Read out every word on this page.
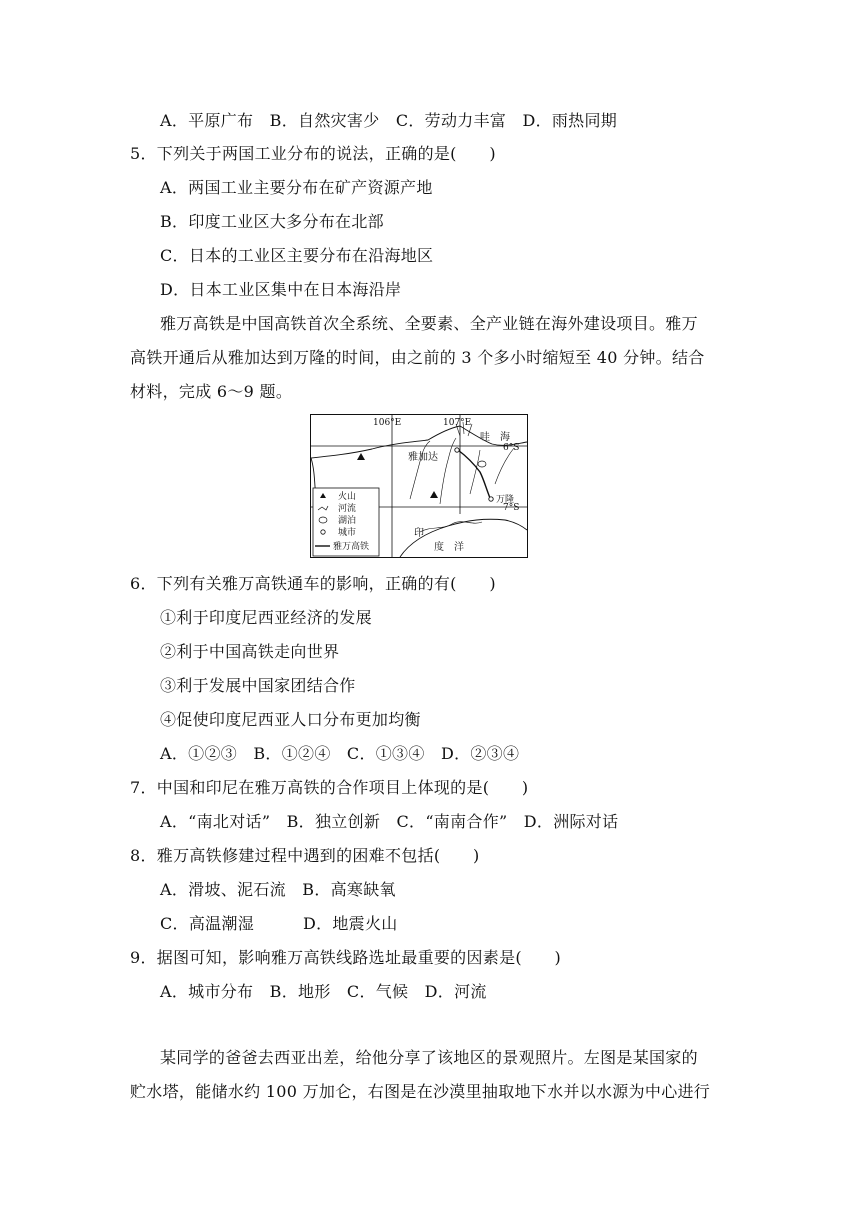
A．平原广布　B．自然灾害少　C．劳动力丰富　D．雨热同期
5．下列关于两国工业分布的说法，正确的是(　　)
A．两国工业主要分布在矿产资源产地
B．印度工业区大多分布在北部
C．日本的工业区主要分布在沿海地区
D．日本工业区集中在日本海沿岸
雅万高铁是中国高铁首次全系统、全要素、全产业链在海外建设项目。雅万
高铁开通后从雅加达到万隆的时间，由之前的 3 个多小时缩短至 40 分钟。结合
材料，完成 6～9 题。
106°E	107°E
6°S
7°S
哇　海
雅加达
万隆
印
度　洋
火山
河流
湖泊
城市
雅万高铁
6．下列有关雅万高铁通车的影响，正确的有(　　)
①利于印度尼西亚经济的发展
②利于中国高铁走向世界
③利于发展中国家团结合作
④促使印度尼西亚人口分布更加均衡
A．①②③　B．①②④　C．①③④　D．②③④
7．中国和印尼在雅万高铁的合作项目上体现的是(　　)
A．“南北对话”　B．独立创新　C．“南南合作”　D．洲际对话
8．雅万高铁修建过程中遇到的困难不包括(　　)
A．滑坡、泥石流　B．高寒缺氧
C．高温潮湿　　　D．地震火山
9．据图可知，影响雅万高铁线路选址最重要的因素是(　　)
A．城市分布　B．地形　C．气候　D．河流
某同学的爸爸去西亚出差，给他分享了该地区的景观照片。左图是某国家的
贮水塔，能储水约 100 万加仑，右图是在沙漠里抽取地下水并以水源为中心进行
